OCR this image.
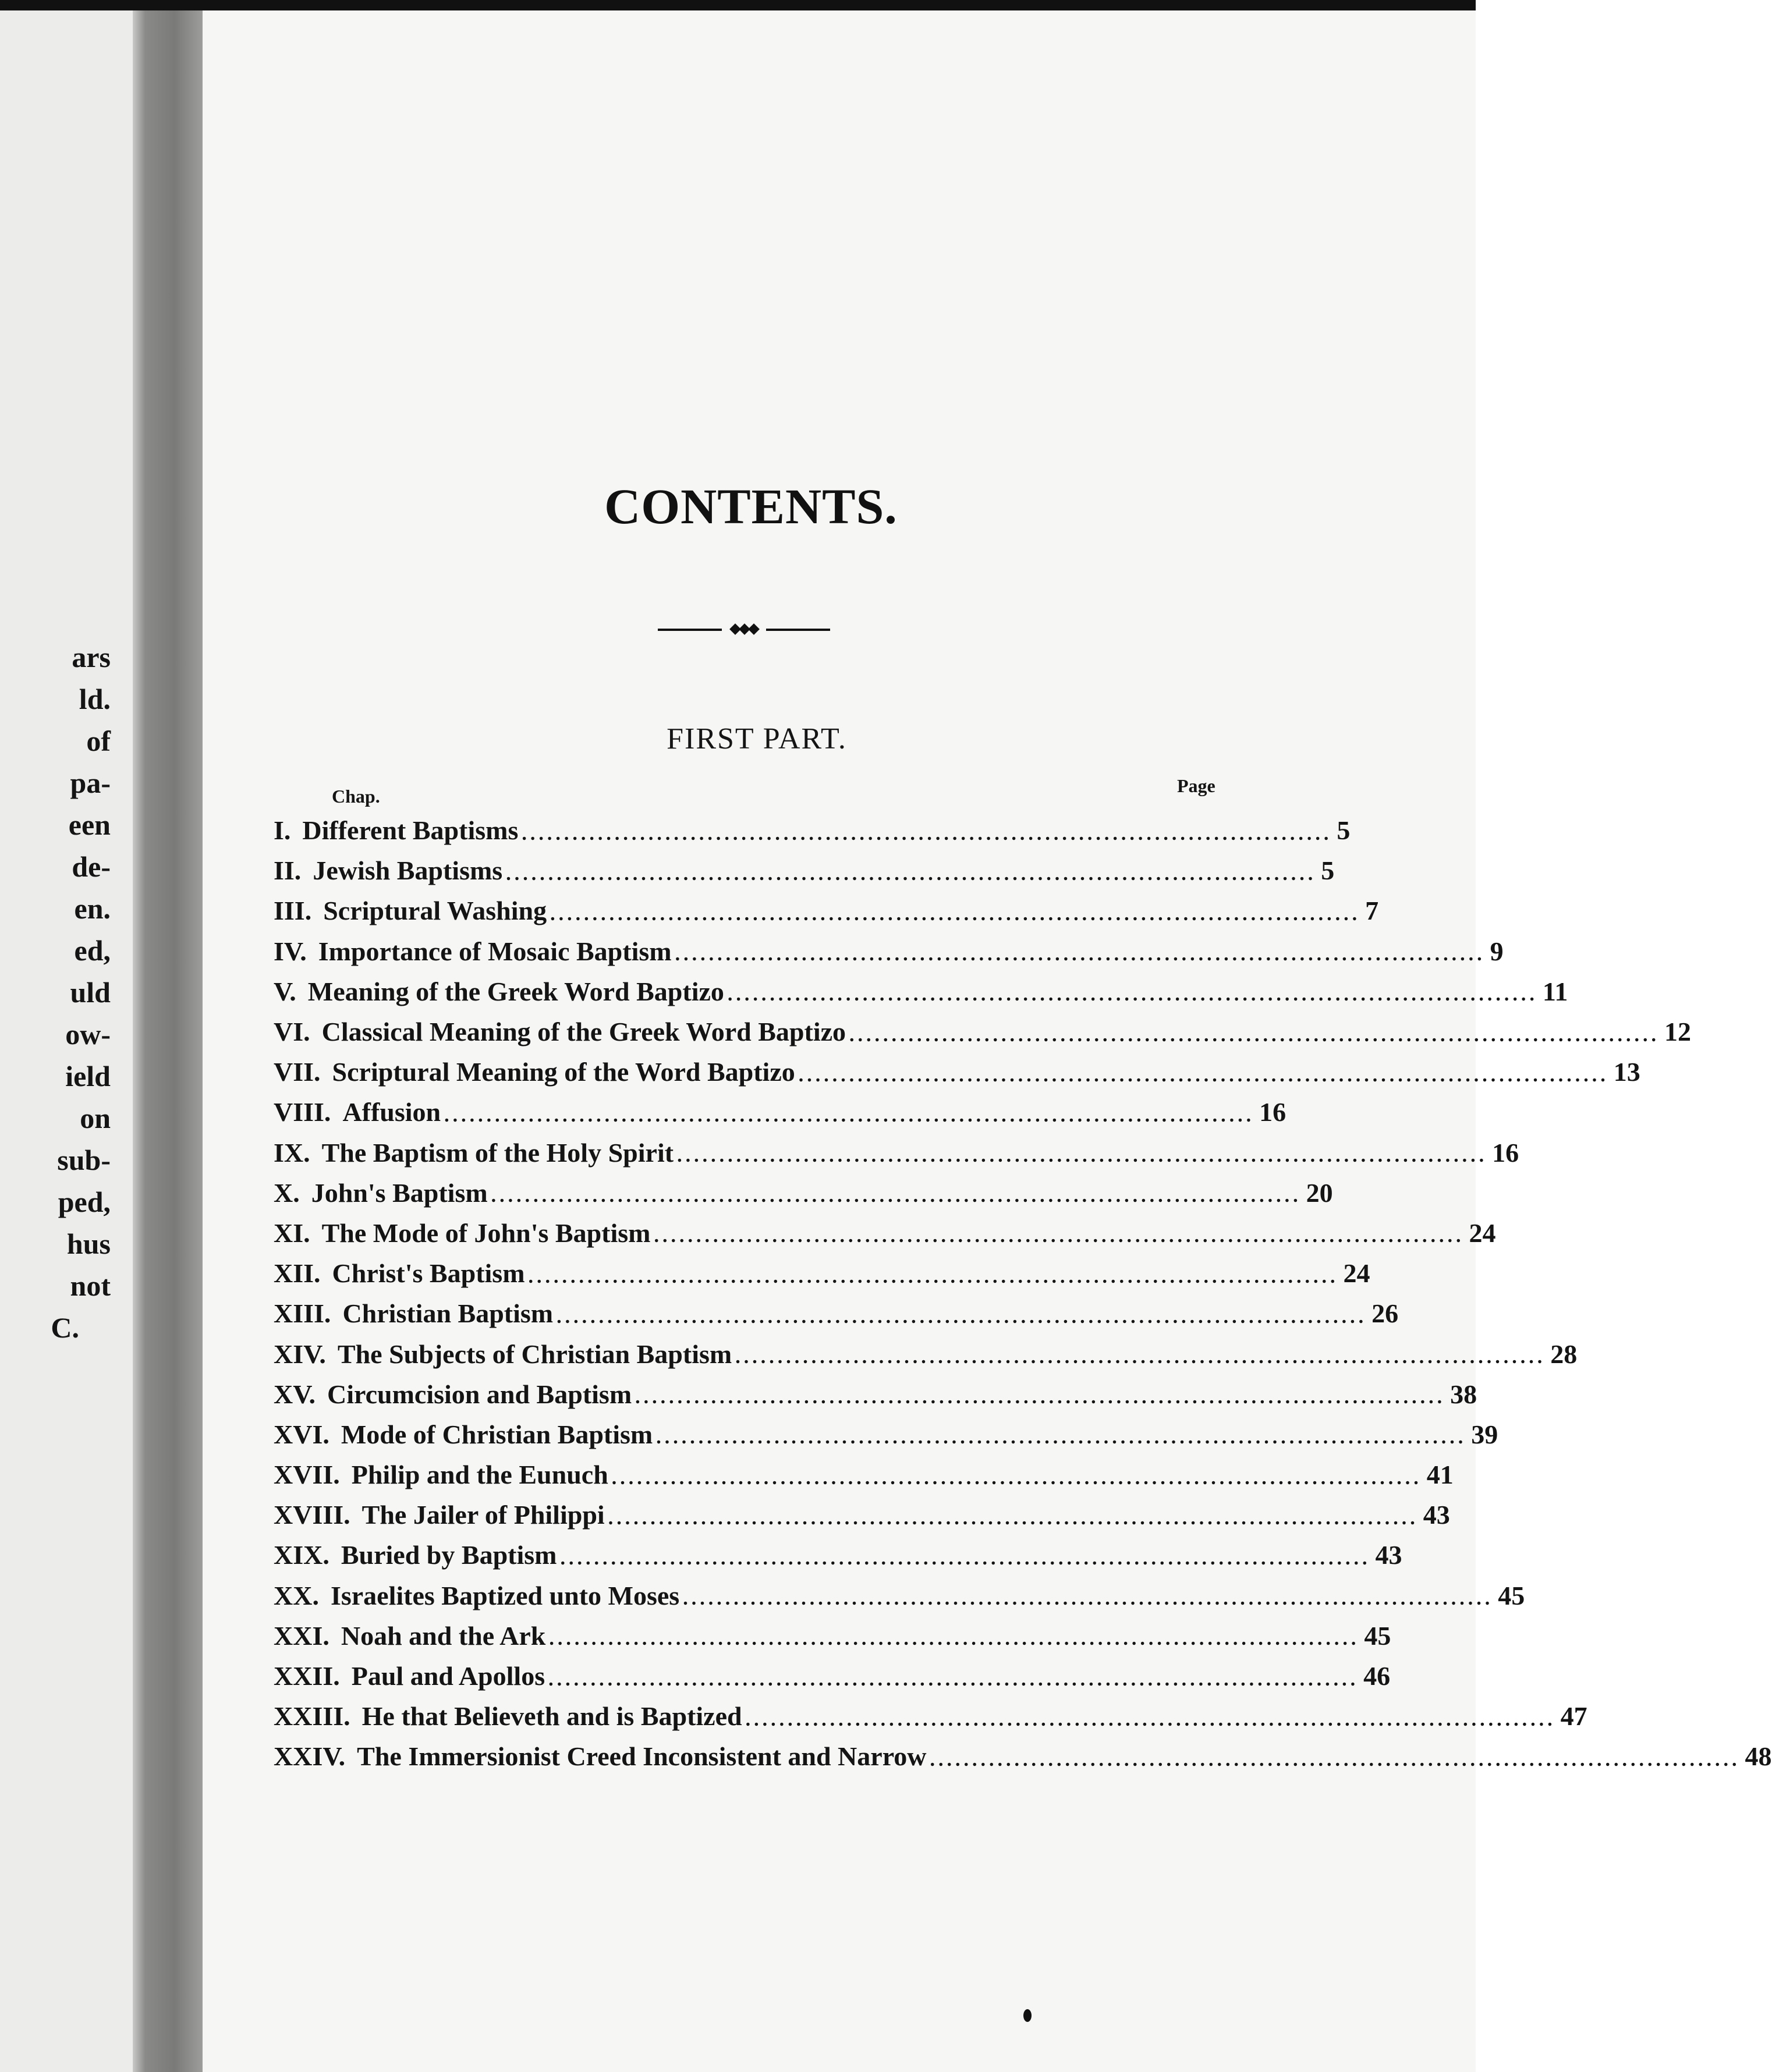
ars
ld.
of
pa-
een
de-
en.
ed,
uld
ow-
ield
on
sub-
ped,
hus
not
C.
CONTENTS.
FIRST PART.
Chap.	Page
I. Different Baptisms ................................................................................................ 5
II. Jewish Baptisms ................................................................................................ 5
III. Scriptural Washing ................................................................................................ 7
IV. Importance of Mosaic Baptism ................................................................................................ 9
V. Meaning of the Greek Word Baptizo ................................................................................................ 11
VI. Classical Meaning of the Greek Word Baptizo ................................................................................................ 12
VII. Scriptural Meaning of the Word Baptizo ................................................................................................ 13
VIII. Affusion ................................................................................................ 16
IX. The Baptism of the Holy Spirit ................................................................................................ 16
X. John's Baptism ................................................................................................ 20
XI. The Mode of John's Baptism ................................................................................................ 24
XII. Christ's Baptism ................................................................................................ 24
XIII. Christian Baptism ................................................................................................ 26
XIV. The Subjects of Christian Baptism ................................................................................................ 28
XV. Circumcision and Baptism ................................................................................................ 38
XVI. Mode of Christian Baptism ................................................................................................ 39
XVII. Philip and the Eunuch ................................................................................................ 41
XVIII. The Jailer of Philippi ................................................................................................ 43
XIX. Buried by Baptism ................................................................................................ 43
XX. Israelites Baptized unto Moses ................................................................................................ 45
XXI. Noah and the Ark ................................................................................................ 45
XXII. Paul and Apollos ................................................................................................ 46
XXIII. He that Believeth and is Baptized ................................................................................................ 47
XXIV. The Immersionist Creed Inconsistent and Narrow ................................................................................................ 48
